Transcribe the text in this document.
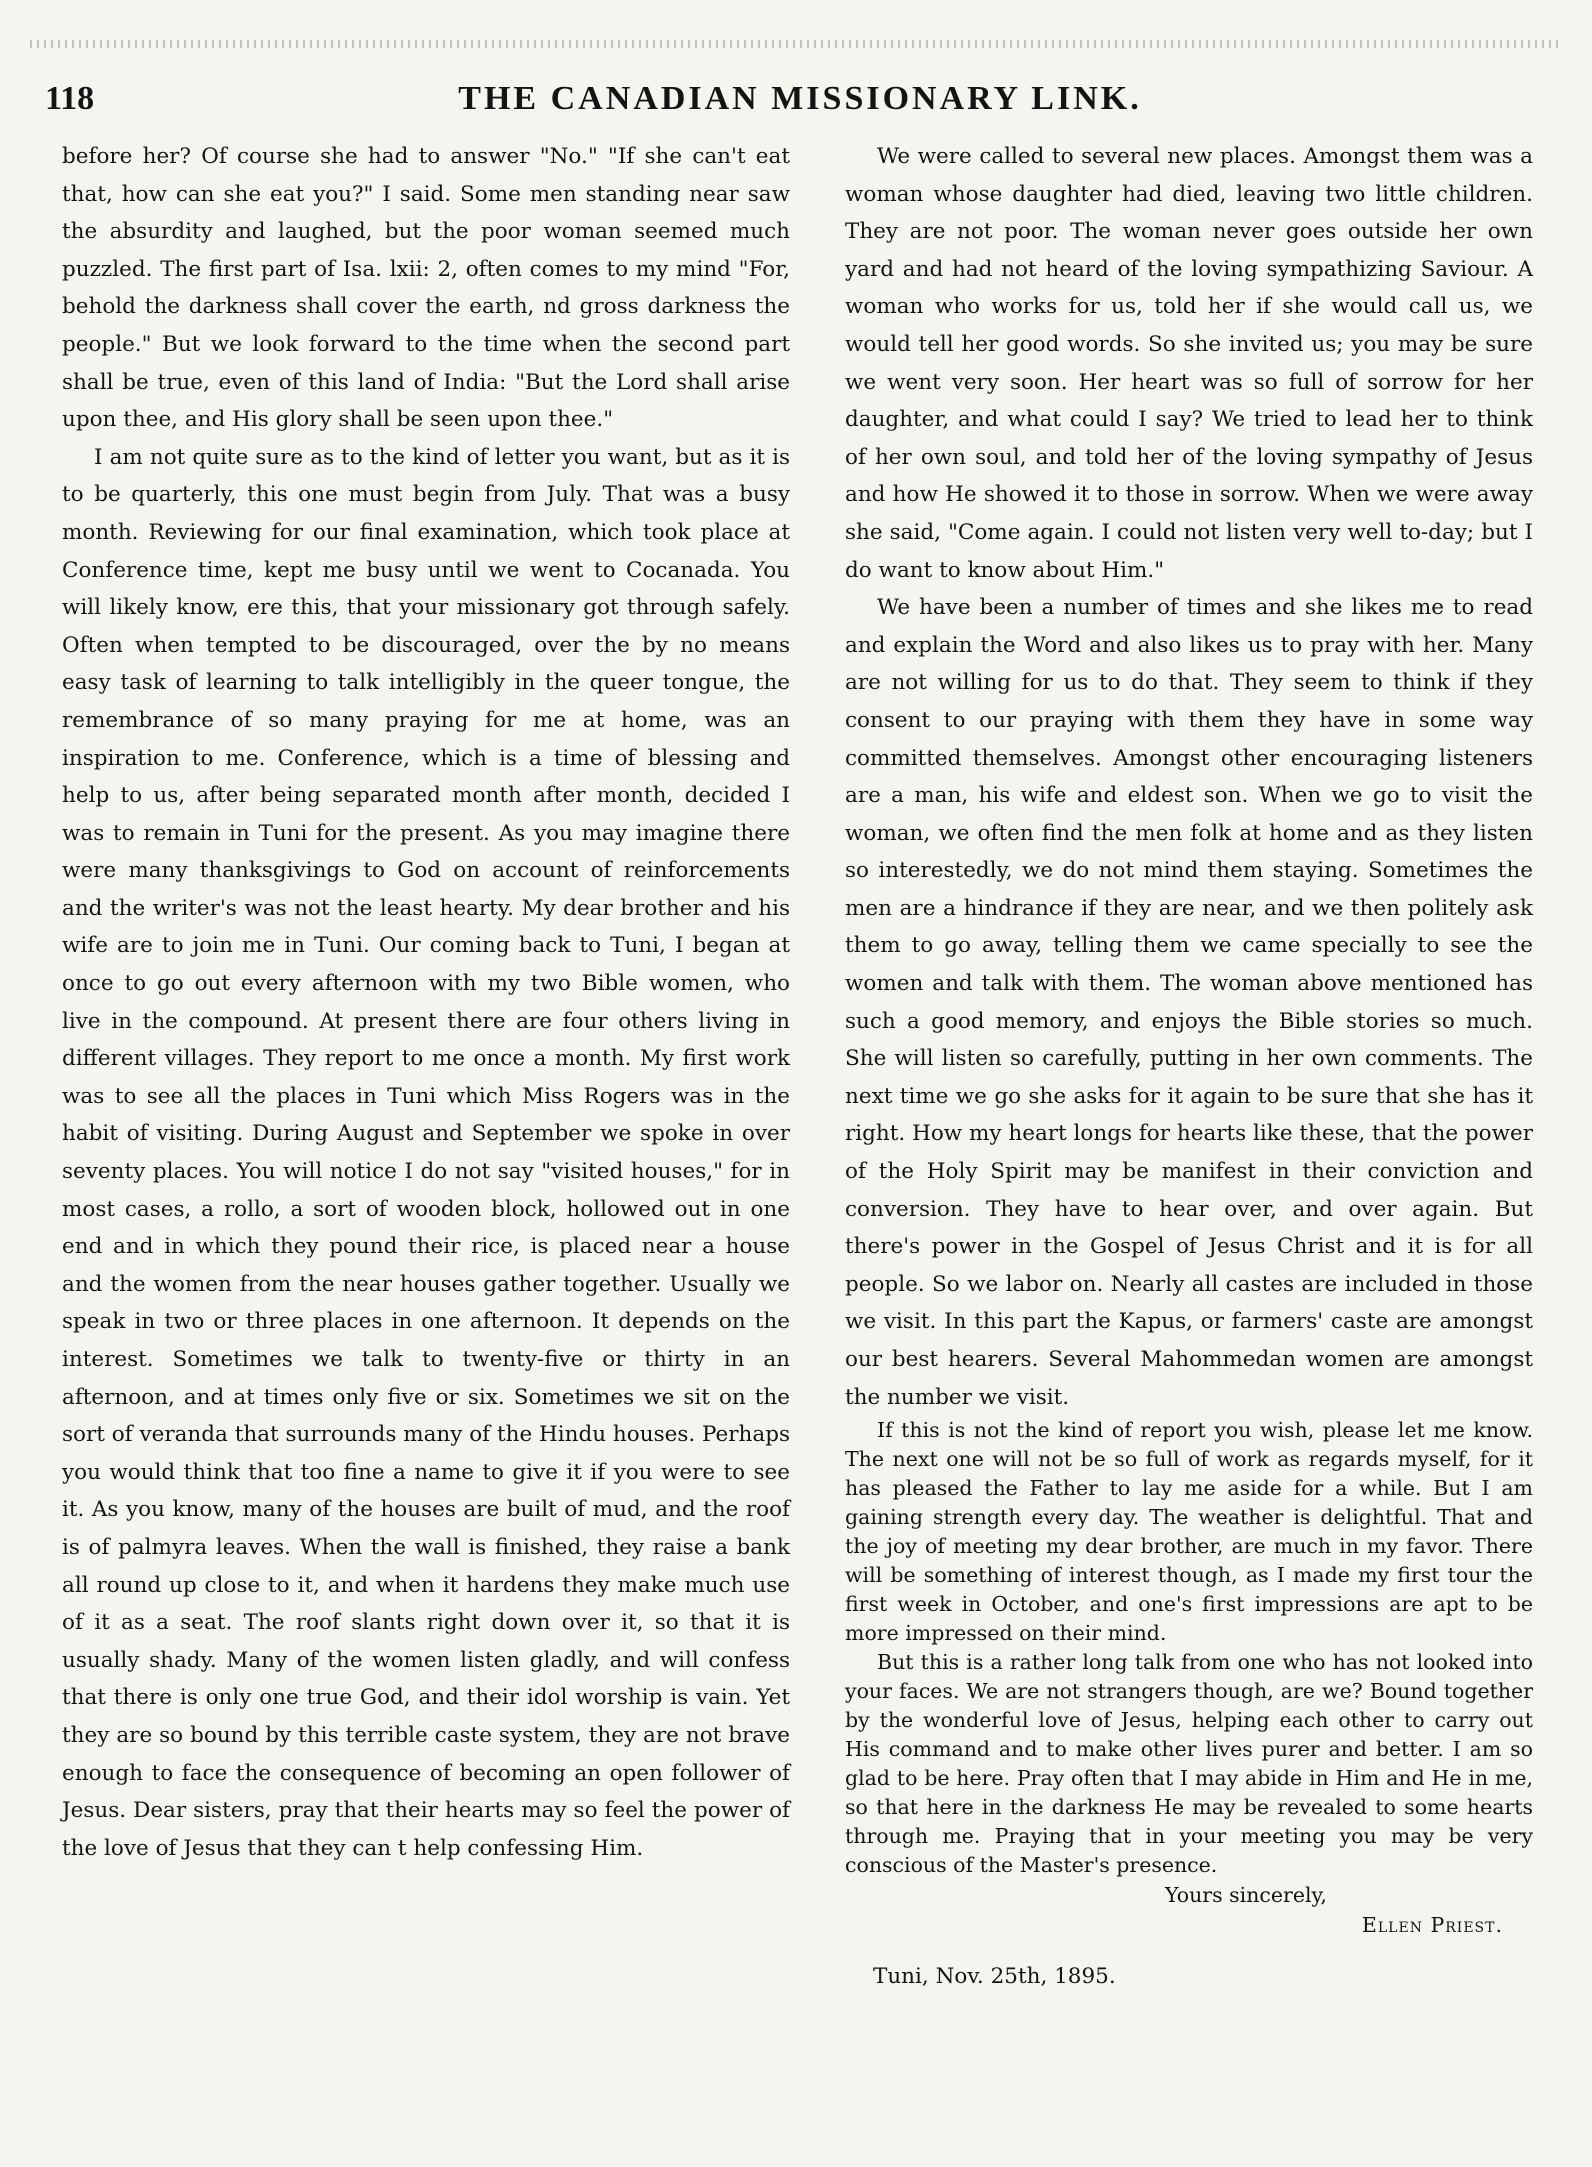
118	THE CANADIAN MISSIONARY LINK.

before her? Of course she had to answer "No." "If she can't eat that, how can she eat you?" I said. Some men standing near saw the absurdity and laughed, but the poor woman seemed much puzzled. The first part of Isa. lxii: 2, often comes to my mind "For, behold the darkness shall cover the earth, nd gross darkness the people." But we look forward to the time when the second part shall be true, even of this land of India: "But the Lord shall arise upon thee, and His glory shall be seen upon thee."

I am not quite sure as to the kind of letter you want, but as it is to be quarterly, this one must begin from July. That was a busy month. Reviewing for our final examination, which took place at Conference time, kept me busy until we went to Cocanada. You will likely know, ere this, that your missionary got through safely. Often when tempted to be discouraged, over the by no means easy task of learning to talk intelligibly in the queer tongue, the remembrance of so many praying for me at home, was an inspiration to me. Conference, which is a time of blessing and help to us, after being separated month after month, decided I was to remain in Tuni for the present. As you may imagine there were many thanksgivings to God on account of reinforcements and the writer's was not the least hearty. My dear brother and his wife are to join me in Tuni. Our coming back to Tuni, I began at once to go out every afternoon with my two Bible women, who live in the compound. At present there are four others living in different villages. They report to me once a month. My first work was to see all the places in Tuni which Miss Rogers was in the habit of visiting. During August and September we spoke in over seventy places. You will notice I do not say "visited houses," for in most cases, a rollo, a sort of wooden block, hollowed out in one end and in which they pound their rice, is placed near a house and the women from the near houses gather together. Usually we speak in two or three places in one afternoon. It depends on the interest. Sometimes we talk to twenty-five or thirty in an afternoon, and at times only five or six. Sometimes we sit on the sort of veranda that surrounds many of the Hindu houses. Perhaps you would think that too fine a name to give it if you were to see it. As you know, many of the houses are built of mud, and the roof is of palmyra leaves. When the wall is finished, they raise a bank all round up close to it, and when it hardens they make much use of it as a seat. The roof slants right down over it, so that it is usually shady. Many of the women listen gladly, and will confess that there is only one true God, and their idol worship is vain. Yet they are so bound by this terrible caste system, they are not brave enough to face the consequence of becoming an open follower of Jesus. Dear sisters, pray that their hearts may so feel the power of the love of Jesus that they can t help confessing Him.

We were called to several new places. Amongst them was a woman whose daughter had died, leaving two little children. They are not poor. The woman never goes outside her own yard and had not heard of the loving sympathizing Saviour. A woman who works for us, told her if she would call us, we would tell her good words. So she invited us; you may be sure we went very soon. Her heart was so full of sorrow for her daughter, and what could I say? We tried to lead her to think of her own soul, and told her of the loving sympathy of Jesus and how He showed it to those in sorrow. When we were away she said, "Come again. I could not listen very well to-day; but I do want to know about Him."

We have been a number of times and she likes me to read and explain the Word and also likes us to pray with her. Many are not willing for us to do that. They seem to think if they consent to our praying with them they have in some way committed themselves. Amongst other encouraging listeners are a man, his wife and eldest son. When we go to visit the woman, we often find the men folk at home and as they listen so interestedly, we do not mind them staying. Sometimes the men are a hindrance if they are near, and we then politely ask them to go away, telling them we came specially to see the women and talk with them. The woman above mentioned has such a good memory, and enjoys the Bible stories so much. She will listen so carefully, putting in her own comments. The next time we go she asks for it again to be sure that she has it right. How my heart longs for hearts like these, that the power of the Holy Spirit may be manifest in their conviction and conversion. They have to hear over, and over again. But there's power in the Gospel of Jesus Christ and it is for all people. So we labor on. Nearly all castes are included in those we visit. In this part the Kapus, or farmers' caste are amongst our best hearers. Several Mahommedan women are amongst the number we visit.

If this is not the kind of report you wish, please let me know. The next one will not be so full of work as regards myself, for it has pleased the Father to lay me aside for a while. But I am gaining strength every day. The weather is delightful. That and the joy of meeting my dear brother, are much in my favor. There will be something of interest though, as I made my first tour the first week in October, and one's first impressions are apt to be more impressed on their mind.

But this is a rather long talk from one who has not looked into your faces. We are not strangers though, are we? Bound together by the wonderful love of Jesus, helping each other to carry out His command and to make other lives purer and better. I am so glad to be here. Pray often that I may abide in Him and He in me, so that here in the darkness He may be revealed to some hearts through me. Praying that in your meeting you may be very conscious of the Master's presence.

Yours sincerely,

Ellen Priest.

Tuni, Nov. 25th, 1895.
